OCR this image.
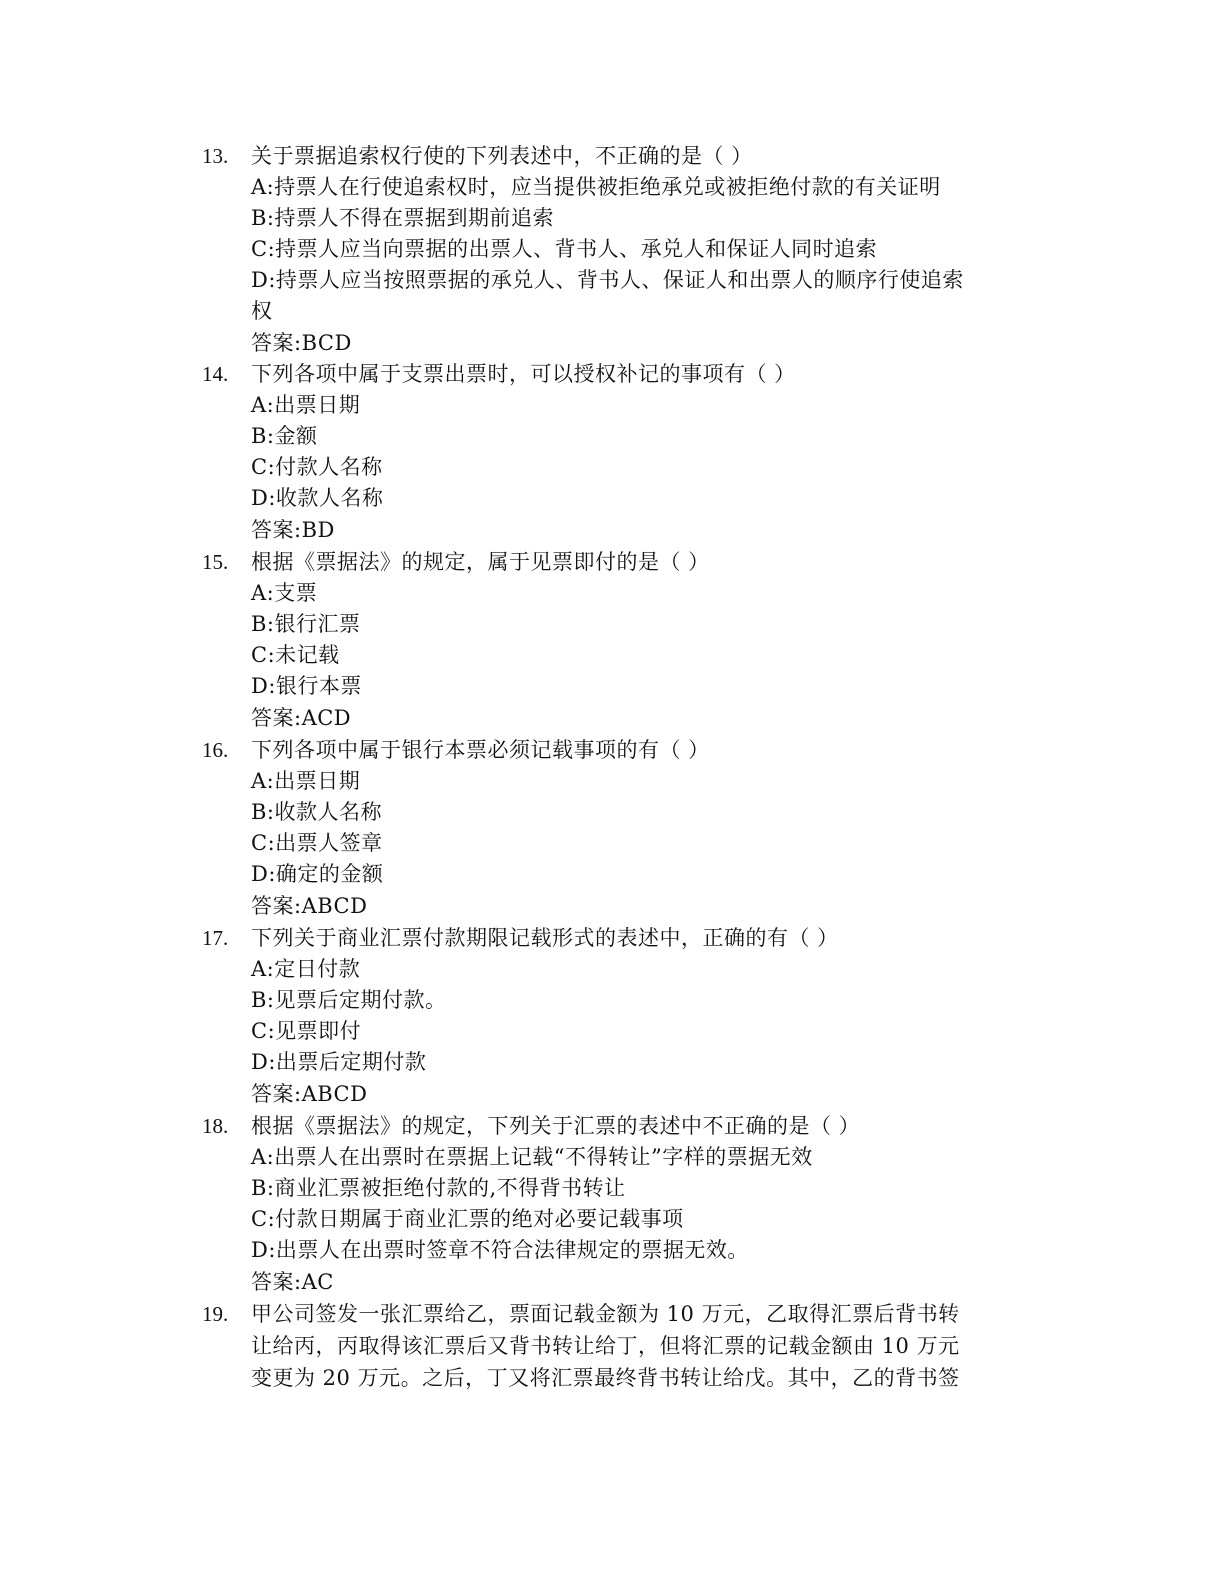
13. 关于票据追索权行使的下列表述中，不正确的是（ ）
A:持票人在行使追索权时，应当提供被拒绝承兑或被拒绝付款的有关证明
B:持票人不得在票据到期前追索
C:持票人应当向票据的出票人、背书人、承兑人和保证人同时追索
D:持票人应当按照票据的承兑人、背书人、保证人和出票人的顺序行使追索
权
答案:BCD
14. 下列各项中属于支票出票时，可以授权补记的事项有（ ）
A:出票日期
B:金额
C:付款人名称
D:收款人名称
答案:BD
15. 根据《票据法》的规定，属于见票即付的是（ ）
A:支票
B:银行汇票
C:未记载
D:银行本票
答案:ACD
16. 下列各项中属于银行本票必须记载事项的有（ ）
A:出票日期
B:收款人名称
C:出票人签章
D:确定的金额
答案:ABCD
17. 下列关于商业汇票付款期限记载形式的表述中，正确的有（ ）
A:定日付款
B:见票后定期付款。
C:见票即付
D:出票后定期付款
答案:ABCD
18. 根据《票据法》的规定，下列关于汇票的表述中不正确的是（ ）
A:出票人在出票时在票据上记载“不得转让”字样的票据无效
B:商业汇票被拒绝付款的,不得背书转让
C:付款日期属于商业汇票的绝对必要记载事项
D:出票人在出票时签章不符合法律规定的票据无效。
答案:AC
19. 甲公司签发一张汇票给乙，票面记载金额为 10 万元，乙取得汇票后背书转
让给丙，丙取得该汇票后又背书转让给丁，但将汇票的记载金额由 10 万元
变更为 20 万元。之后，丁又将汇票最终背书转让给戊。其中，乙的背书签
